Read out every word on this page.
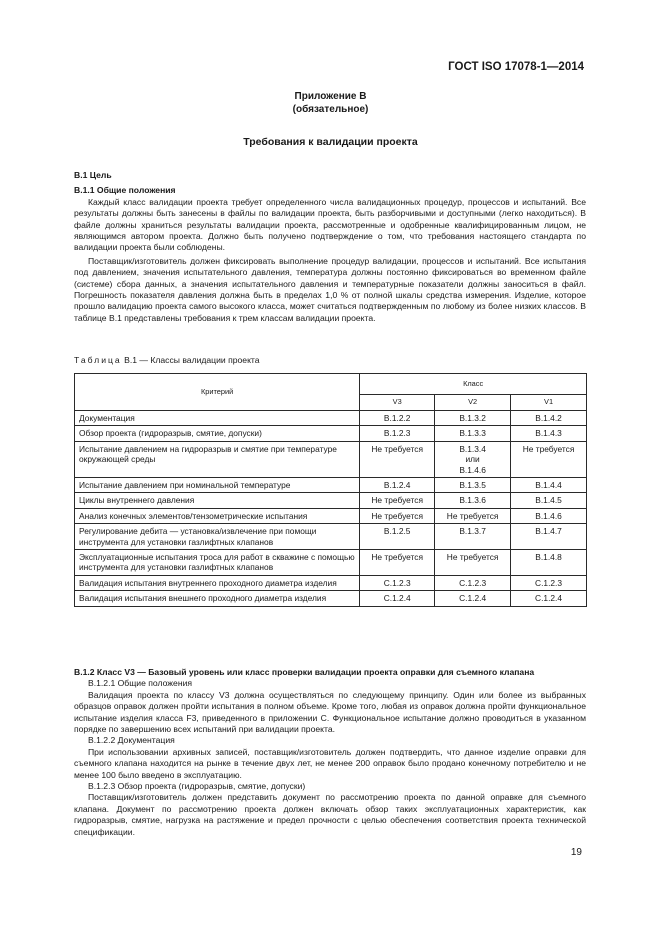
ГОСТ ISO 17078-1—2014
Приложение В
(обязательное)
Требования к валидации проекта
В.1 Цель
В.1.1 Общие положения

Каждый класс валидации проекта требует определенного числа валидационных процедур, процессов и испытаний. Все результаты должны быть занесены в файлы по валидации проекта, быть разборчивыми и доступными (легко находиться). В файле должны храниться результаты валидации проекта, рассмотренные и одобренные квалифицированным лицом, не являющимся автором проекта. Должно быть получено подтверждение о том, что требования настоящего стандарта по валидации проекта были соблюдены.

Поставщик/изготовитель должен фиксировать выполнение процедур валидации, процессов и испытаний. Все испытания под давлением, значения испытательного давления, температура должны постоянно фиксироваться во временном файле (системе) сбора данных, а значения испытательного давления и температурные показатели должны заноситься в файл. Погрешность показателя давления должна быть в пределах 1,0 % от полной шкалы средства измерения. Изделие, которое прошло валидацию проекта самого высокого класса, может считаться подтвержденным по любому из более низких классов. В таблице В.1 представлены требования к трем классам валидации проекта.

Таблица В.1 — Классы валидации проекта
Критерий	Класс		
	V3	V2	V1
Документация	В.1.2.2	В.1.3.2	В.1.4.2
Обзор проекта (гидроразрыв, смятие, допуски)	В.1.2.3	В.1.3.3	В.1.4.3
Испытание давлением на гидроразрыв и смятие при температуре окружающей среды	Не требуется	В.1.3.4 или В.1.4.6	Не требуется
Испытание давлением при номинальной температуре	В.1.2.4	В.1.3.5	В.1.4.4
Циклы внутреннего давления	Не требуется	В.1.3.6	В.1.4.5
Анализ конечных элементов/тензометрические испытания	Не требуется	Не требуется	В.1.4.6
Регулирование дебита — установка/извлечение при помощи инструмента для установки газлифтных клапанов	В.1.2.5	В.1.3.7	В.1.4.7
Эксплуатационные испытания троса для работ в скважине с помощью инструмента для установки газлифтных клапанов	Не требуется	Не требуется	В.1.4.8
Валидация испытания внутреннего проходного диаметра изделия	С.1.2.3	С.1.2.3	С.1.2.3
Валидация испытания внешнего проходного диаметра изделия	С.1.2.4	С.1.2.4	С.1.2.4
В.1.2 Класс V3 — Базовый уровень или класс проверки валидации проекта оправки для съемного клапана
В.1.2.1 Общие положения

Валидация проекта по классу V3 должна осуществляться по следующему принципу. Один или более из выбранных образцов оправок должен пройти испытания в полном объеме. Кроме того, любая из оправок должна пройти функциональное испытание изделия класса F3, приведенного в приложении С. Функциональное испытание должно проводиться в указанном порядке по завершению всех испытаний при валидации проекта.

В.1.2.2 Документация

При использовании архивных записей, поставщик/изготовитель должен подтвердить, что данное изделие оправки для съемного клапана находится на рынке в течение двух лет, не менее 200 оправок было продано конечному потребителю и не менее 100 было введено в эксплуатацию.

В.1.2.3 Обзор проекта (гидроразрыв, смятие, допуски)

Поставщик/изготовитель должен представить документ по рассмотрению проекта по данной оправке для съемного клапана. Документ по рассмотрению проекта должен включать обзор таких эксплуатационных характеристик, как гидроразрыв, смятие, нагрузка на растяжение и предел прочности с целью обеспечения соответствия проекта технической спецификации.

19
